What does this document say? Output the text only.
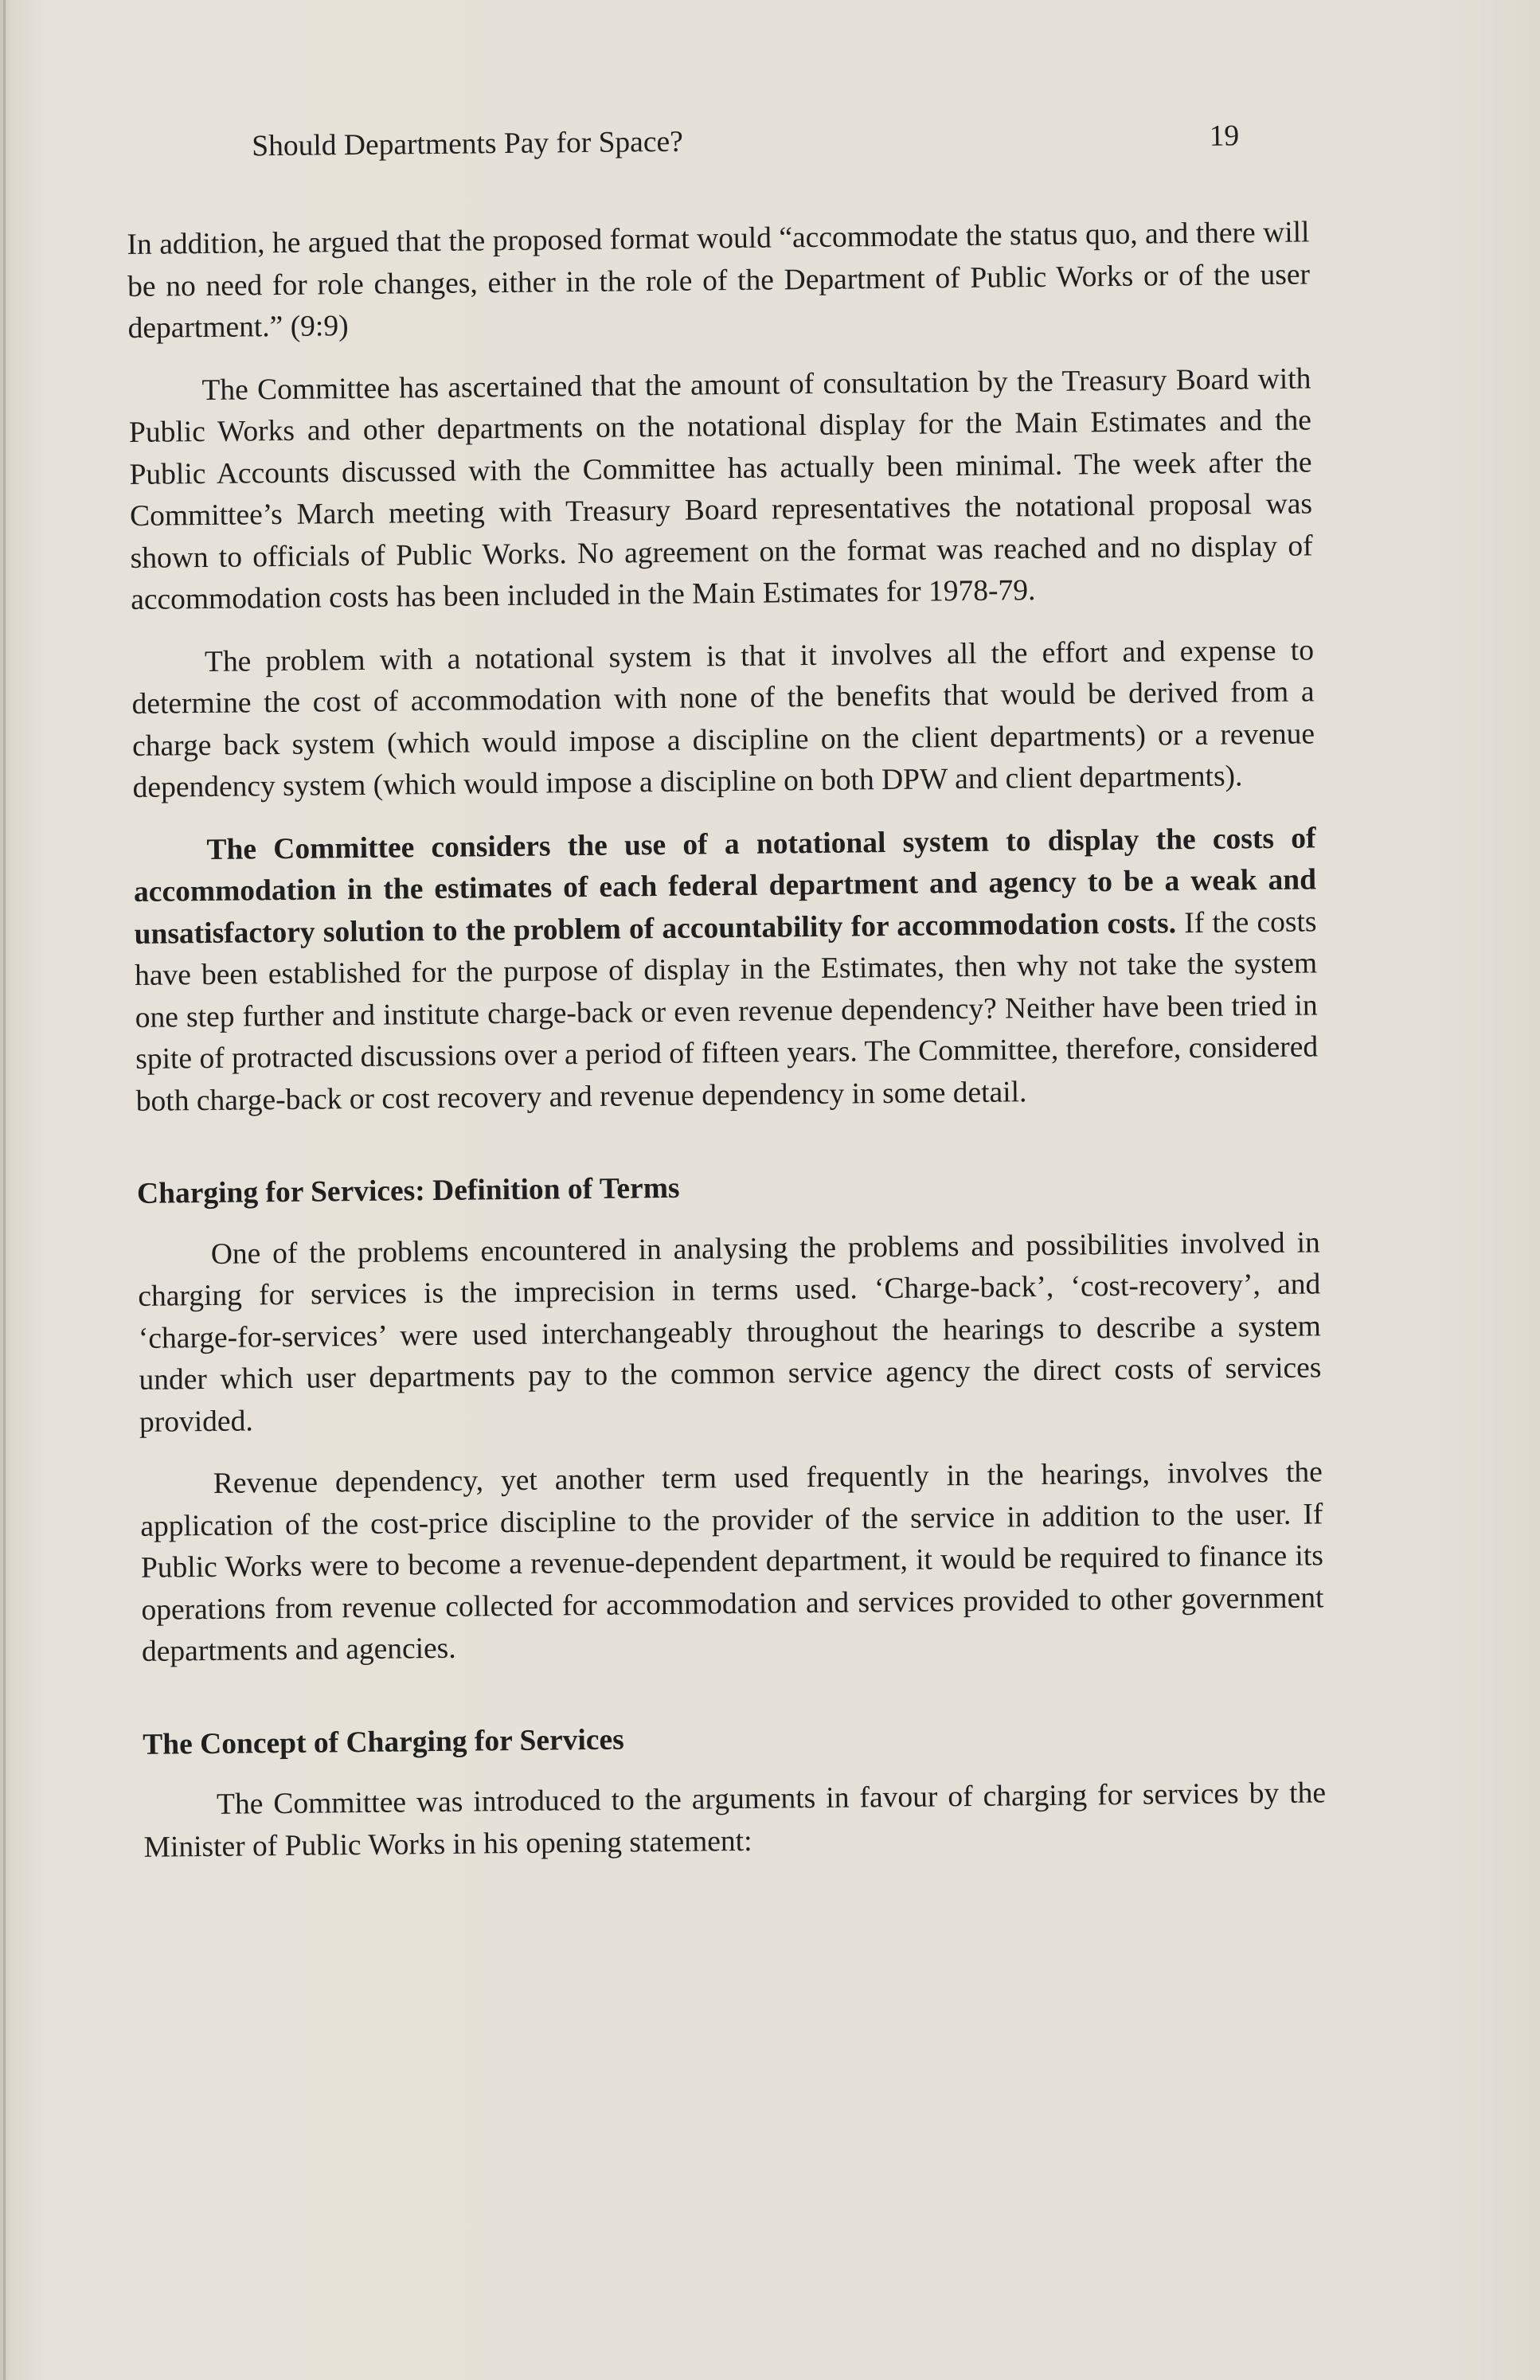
Should Departments Pay for Space?	19

In addition, he argued that the proposed format would “accommodate the status quo, and there will be no need for role changes, either in the role of the Department of Public Works or of the user department.” (9:9)

The Committee has ascertained that the amount of consultation by the Treasury Board with Public Works and other departments on the notational display for the Main Estimates and the Public Accounts discussed with the Committee has actually been minimal. The week after the Committee’s March meeting with Treasury Board representatives the notational proposal was shown to officials of Public Works. No agreement on the format was reached and no display of accommodation costs has been included in the Main Estimates for 1978-79.

The problem with a notational system is that it involves all the effort and expense to determine the cost of accommodation with none of the benefits that would be derived from a charge back system (which would impose a discipline on the client departments) or a revenue dependency system (which would impose a discipline on both DPW and client departments).

The Committee considers the use of a notational system to display the costs of accommodation in the estimates of each federal department and agency to be a weak and unsatisfactory solution to the problem of accountability for accommodation costs. If the costs have been established for the purpose of display in the Estimates, then why not take the system one step further and institute charge-back or even revenue dependency? Neither have been tried in spite of protracted discussions over a period of fifteen years. The Committee, therefore, considered both charge-back or cost recovery and revenue dependency in some detail.

Charging for Services: Definition of Terms

One of the problems encountered in analysing the problems and possibilities involved in charging for services is the imprecision in terms used. ‘Charge-back’, ‘cost-recovery’, and ‘charge-for-services’ were used interchangeably throughout the hearings to describe a system under which user departments pay to the common service agency the direct costs of services provided.

Revenue dependency, yet another term used frequently in the hearings, involves the application of the cost-price discipline to the provider of the service in addition to the user. If Public Works were to become a revenue-dependent department, it would be required to finance its operations from revenue collected for accommodation and services provided to other government departments and agencies.

The Concept of Charging for Services

The Committee was introduced to the arguments in favour of charging for services by the Minister of Public Works in his opening statement:
